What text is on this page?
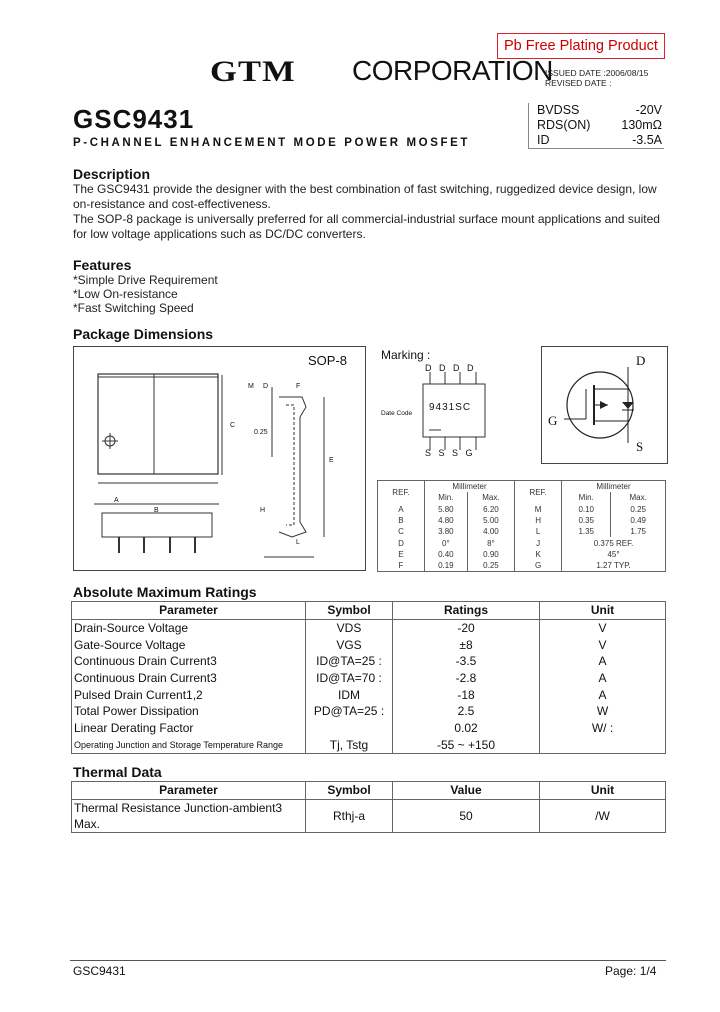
Pb Free Plating Product
GTM CORPORATION
ISSUED DATE :2006/08/15
REVISED DATE :
GSC9431
P-CHANNEL ENHANCEMENT MODE POWER MOSFET
BVDSS	-20V
RDS(ON) 130mΩ
ID	-3.5A
Description
The GSC9431 provide the designer with the best combination of fast switching, ruggedized device design, low on-resistance and cost-effectiveness.
The SOP-8 package is universally preferred for all commercial-industrial surface mount applications and suited for low voltage applications such as DC/DC converters.
Features
*Simple Drive Requirement
*Low On-resistance
*Fast Switching Speed
Package Dimensions
SOP-8
A
B
C
M D	F
0.25
E
H
L
Marking :
DDDD
9431SC
Date Code
SSSG
D
G
S
REF.	Millimeter		REF.	Millimeter	
	Min.	Max.		Min.	Max.
A	5.80	6.20	M	0.10	0.25
B	4.80	5.00	H	0.35	0.49
C	3.80	4.00	L	1.35	1.75
D	0°	8°	J	0.375 REF.	
E	0.40	0.90	K	45°	
F	0.19	0.25	G	1.27 TYP.	
Absolute Maximum Ratings
Parameter	Symbol	Ratings	Unit
Drain-Source Voltage	VDS	-20	V
Gate-Source Voltage	VGS	±8	V
Continuous Drain Current3	ID@TA=25 :	-3.5	A
Continuous Drain Current3	ID@TA=70 :	-2.8	A
Pulsed Drain Current1,2	IDM	-18	A
Total Power Dissipation	PD@TA=25 :	2.5	W
Linear Derating Factor		0.02	W/ :
Operating Junction and Storage Temperature Range	Tj, Tstg	-55 ~ +150	
Thermal Data
Parameter	Symbol	Value	Unit
Thermal Resistance Junction-ambient3 Max.	Rthj-a	50	/W
GSC9431	Page: 1/4
